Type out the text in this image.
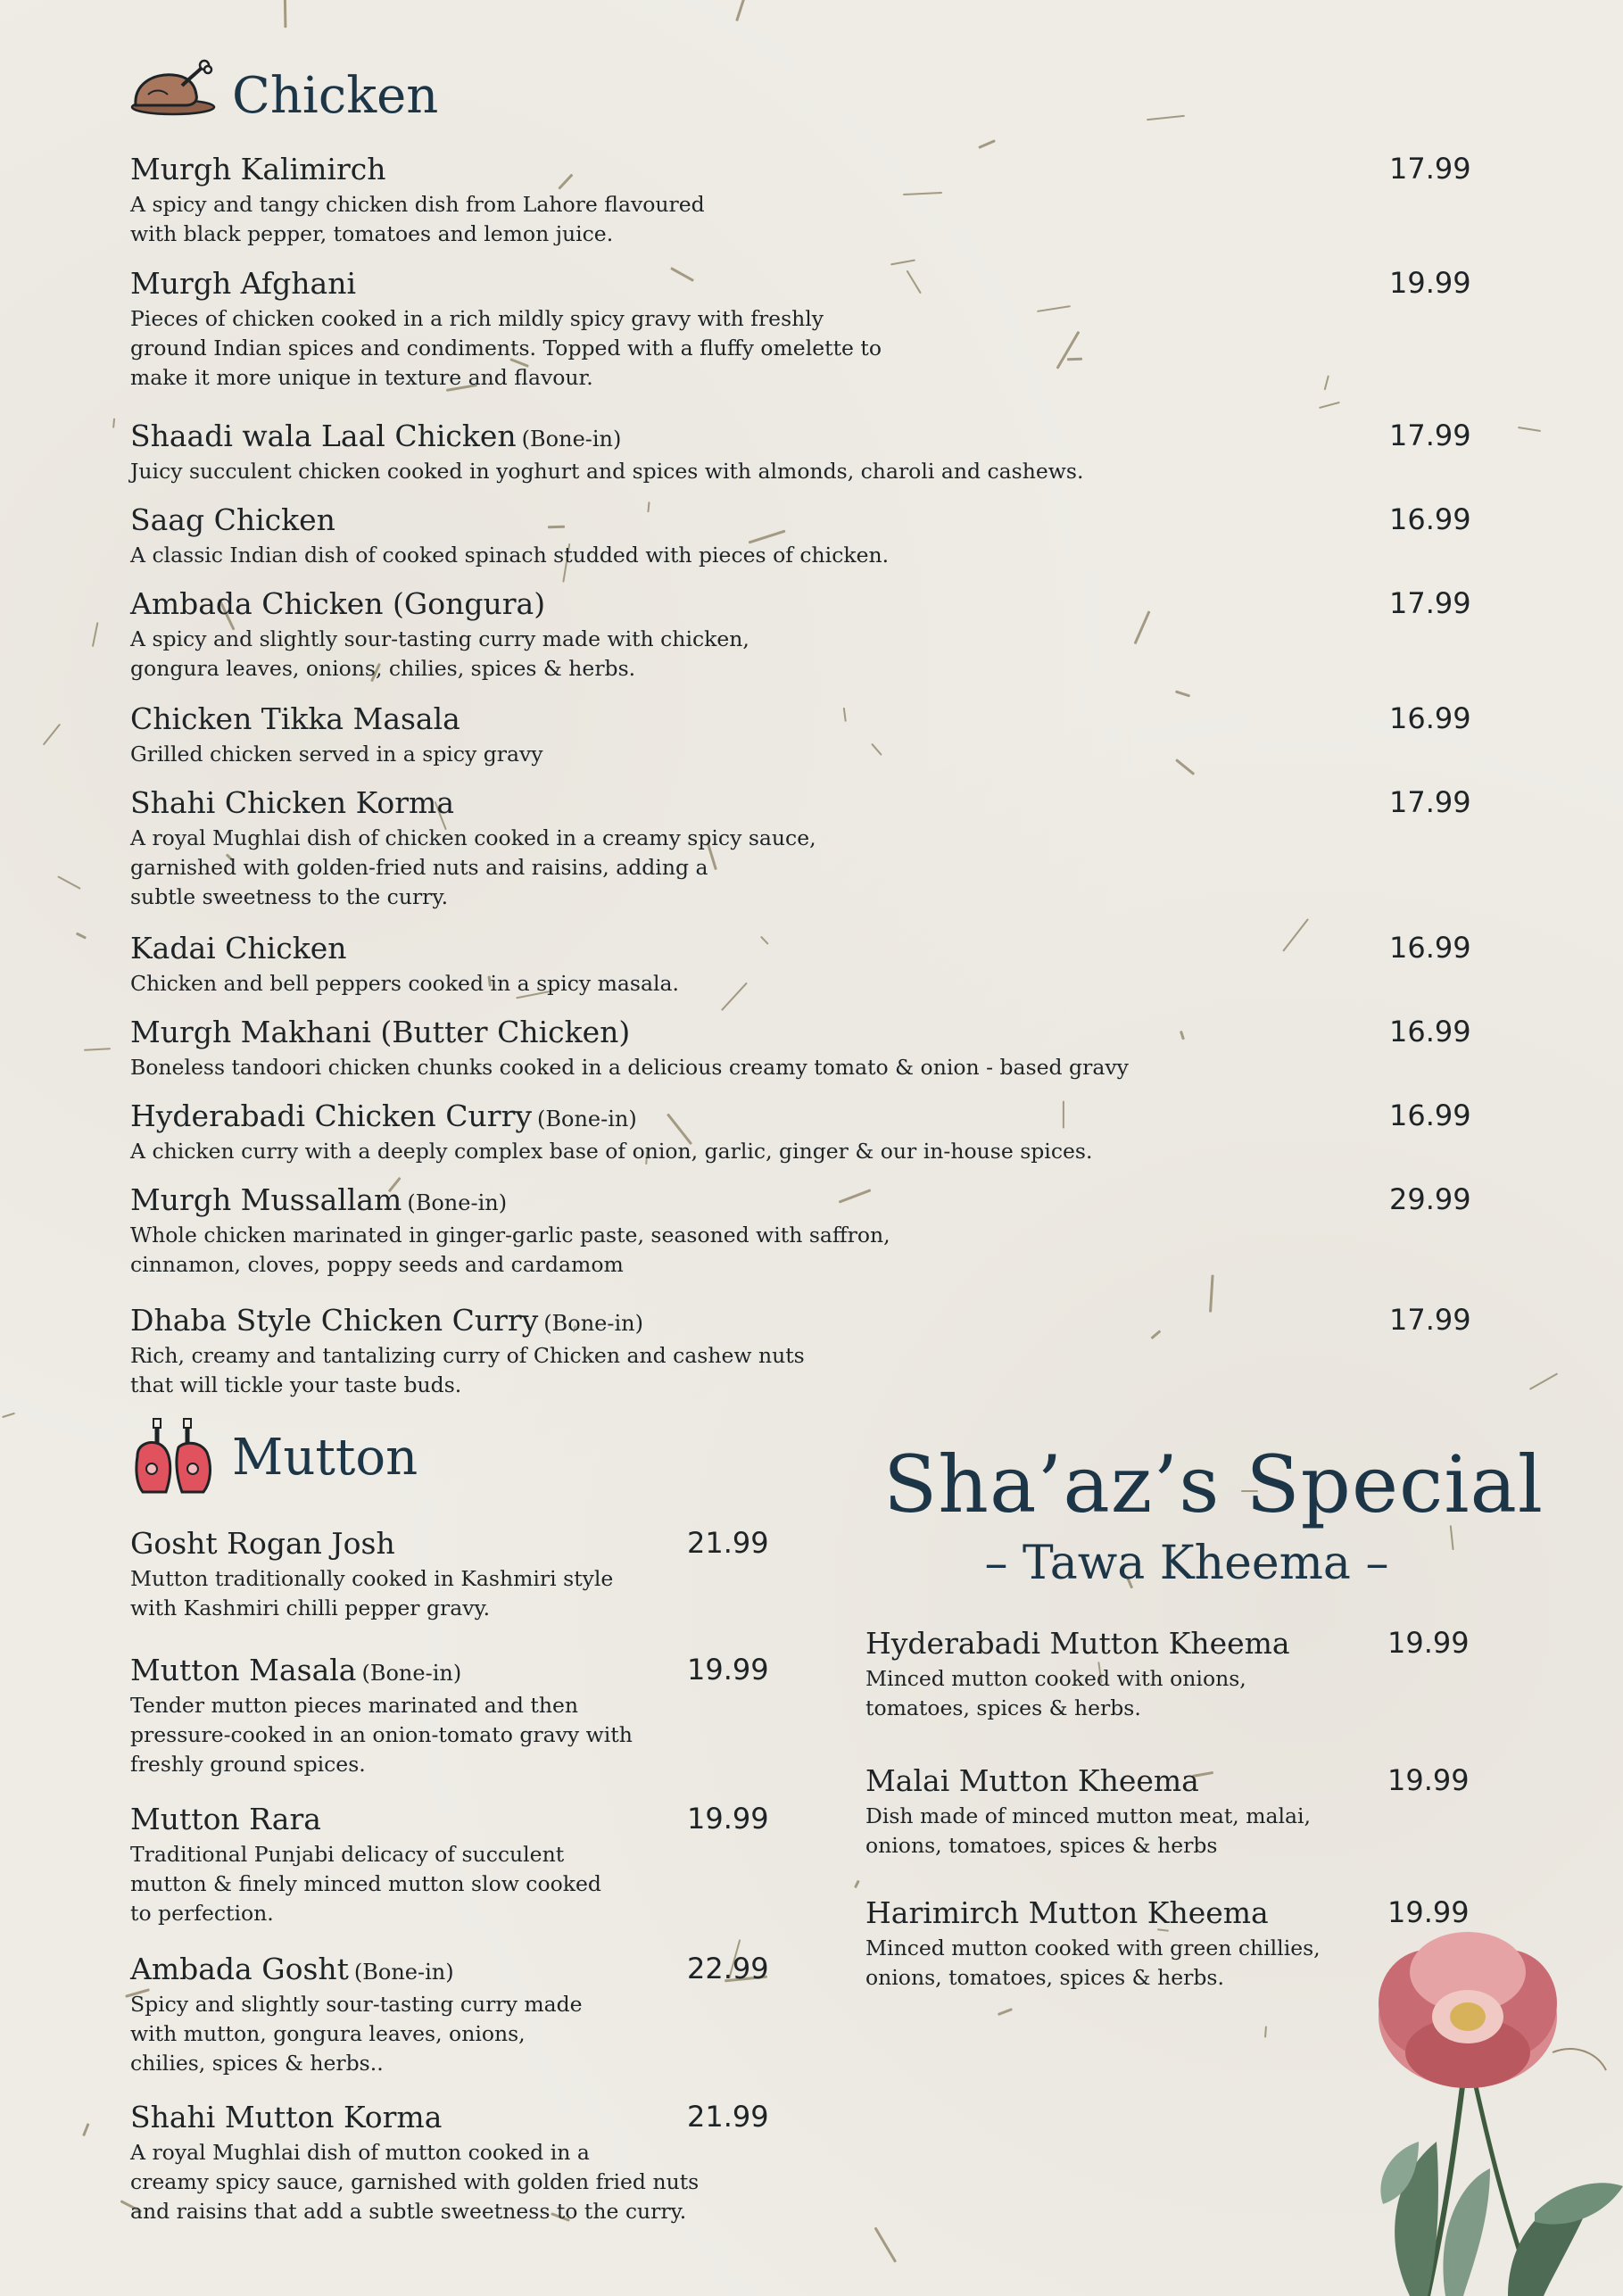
Chicken
Murgh Kalimirch	17.99
A spicy and tangy chicken dish from Lahore flavoured
with black pepper, tomatoes and lemon juice.
Murgh Afghani	19.99
Pieces of chicken cooked in a rich mildly spicy gravy with freshly
ground Indian spices and condiments. Topped with a fluffy omelette to
make it more unique in texture and flavour.
Shaadi wala Laal Chicken (Bone-in)	17.99
Juicy succulent chicken cooked in yoghurt and spices with almonds, charoli and cashews.
Saag Chicken	16.99
A classic Indian dish of cooked spinach studded with pieces of chicken.
Ambada Chicken (Gongura)	17.99
A spicy and slightly sour-tasting curry made with chicken,
gongura leaves, onions, chilies, spices & herbs.
Chicken Tikka Masala	16.99
Grilled chicken served in a spicy gravy
Shahi Chicken Korma	17.99
A royal Mughlai dish of chicken cooked in a creamy spicy sauce,
garnished with golden-fried nuts and raisins, adding a
subtle sweetness to the curry.
Kadai Chicken	16.99
Chicken and bell peppers cooked in a spicy masala.
Murgh Makhani (Butter Chicken)	16.99
Boneless tandoori chicken chunks cooked in a delicious creamy tomato & onion - based gravy
Hyderabadi Chicken Curry (Bone-in)	16.99
A chicken curry with a deeply complex base of onion, garlic, ginger & our in-house spices.
Murgh Mussallam (Bone-in)	29.99
Whole chicken marinated in ginger-garlic paste, seasoned with saffron,
cinnamon, cloves, poppy seeds and cardamom
Dhaba Style Chicken Curry (Bone-in)	17.99
Rich, creamy and tantalizing curry of Chicken and cashew nuts
that will tickle your taste buds.
Mutton
Gosht Rogan Josh	21.99
Mutton traditionally cooked in Kashmiri style
with Kashmiri chilli pepper gravy.
Mutton Masala (Bone-in)	19.99
Tender mutton pieces marinated and then
pressure-cooked in an onion-tomato gravy with
freshly ground spices.
Mutton Rara	19.99
Traditional Punjabi delicacy of succulent
mutton & finely minced mutton slow cooked
to perfection.
Ambada Gosht (Bone-in)	22.99
Spicy and slightly sour-tasting curry made
with mutton, gongura leaves, onions,
chilies, spices & herbs..
Shahi Mutton Korma	21.99
A royal Mughlai dish of mutton cooked in a
creamy spicy sauce, garnished with golden fried nuts
and raisins that add a subtle sweetness to the curry.
Sha’az’s Special
– Tawa Kheema –
Hyderabadi Mutton Kheema	19.99
Minced mutton cooked with onions,
tomatoes, spices & herbs.
Malai Mutton Kheema	19.99
Dish made of minced mutton meat, malai,
onions, tomatoes, spices & herbs
Harimirch Mutton Kheema	19.99
Minced mutton cooked with green chillies,
onions, tomatoes, spices & herbs.
